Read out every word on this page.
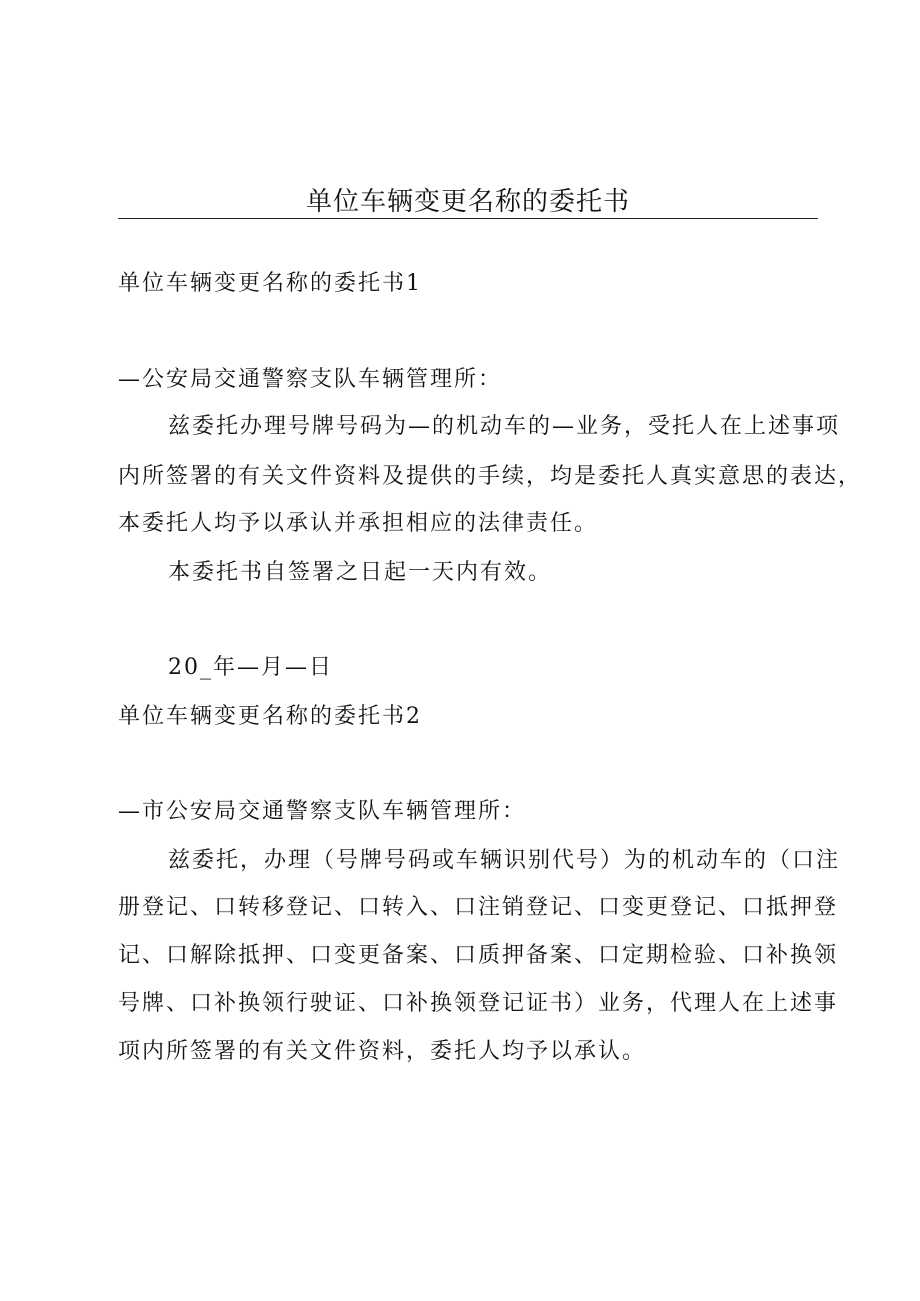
单位车辆变更名称的委托书
单位车辆变更名称的委托书1
—公安局交通警察支队车辆管理所：
兹委托办理号牌号码为—的机动车的—业务，受托人在上述事项
内所签署的有关文件资料及提供的手续，均是委托人真实意思的表达，
本委托人均予以承认并承担相应的法律责任。
本委托书自签署之日起一天内有效。
20_年—月—日
单位车辆变更名称的委托书2
—市公安局交通警察支队车辆管理所：
兹委托，办理（号牌号码或车辆识别代号）为的机动车的（口注
册登记、口转移登记、口转入、口注销登记、口变更登记、口抵押登
记、口解除抵押、口变更备案、口质押备案、口定期检验、口补换领
号牌、口补换领行驶证、口补换领登记证书）业务，代理人在上述事
项内所签署的有关文件资料，委托人均予以承认。
